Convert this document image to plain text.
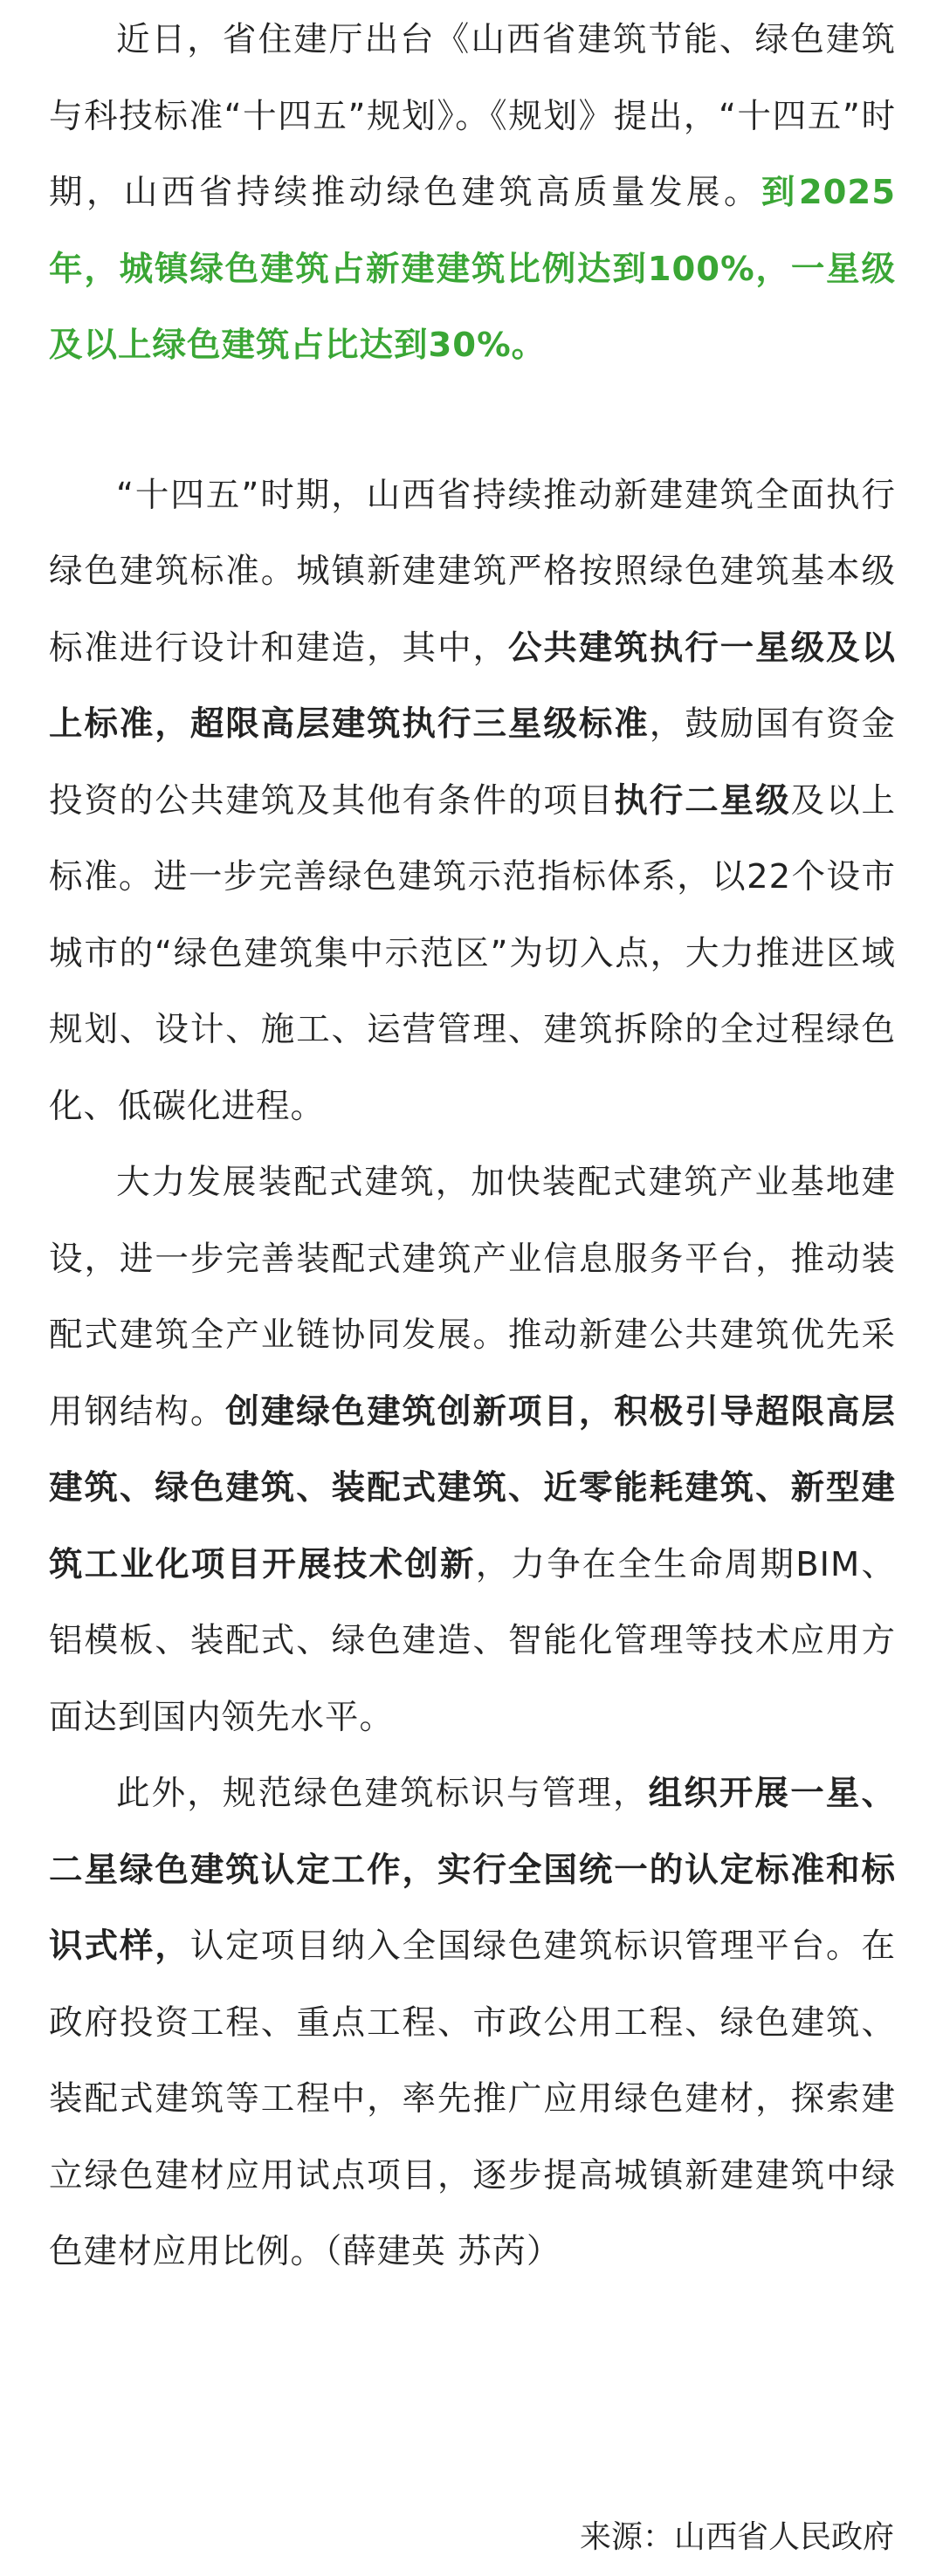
近日，省住建厅出台《山西省建筑节能、绿色建筑与科技标准“十四五”规划》。《规划》提出，“十四五”时期，山西省持续推动绿色建筑高质量发展。到2025年，城镇绿色建筑占新建建筑比例达到100%，一星级及以上绿色建筑占比达到30%。

“十四五”时期，山西省持续推动新建建筑全面执行绿色建筑标准。城镇新建建筑严格按照绿色建筑基本级标准进行设计和建造，其中，公共建筑执行一星级及以上标准，超限高层建筑执行三星级标准，鼓励国有资金投资的公共建筑及其他有条件的项目执行二星级及以上标准。进一步完善绿色建筑示范指标体系，以22个设市城市的“绿色建筑集中示范区”为切入点，大力推进区域规划、设计、施工、运营管理、建筑拆除的全过程绿色化、低碳化进程。

大力发展装配式建筑，加快装配式建筑产业基地建设，进一步完善装配式建筑产业信息服务平台，推动装配式建筑全产业链协同发展。推动新建公共建筑优先采用钢结构。创建绿色建筑创新项目，积极引导超限高层建筑、绿色建筑、装配式建筑、近零能耗建筑、新型建筑工业化项目开展技术创新，力争在全生命周期BIM、铝模板、装配式、绿色建造、智能化管理等技术应用方面达到国内领先水平。

此外，规范绿色建筑标识与管理，组织开展一星、二星绿色建筑认定工作，实行全国统一的认定标准和标识式样，认定项目纳入全国绿色建筑标识管理平台。在政府投资工程、重点工程、市政公用工程、绿色建筑、装配式建筑等工程中，率先推广应用绿色建材，探索建立绿色建材应用试点项目，逐步提高城镇新建建筑中绿色建材应用比例。（薛建英 苏芮）

来源：山西省人民政府
